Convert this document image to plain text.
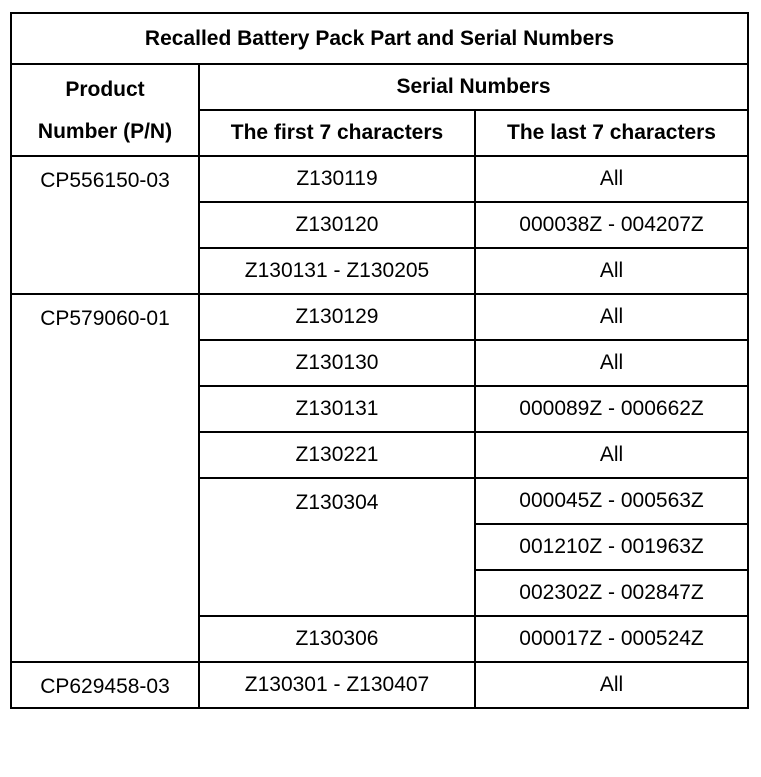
Recalled Battery Pack Part and Serial Numbers		
Product	Serial Numbers	
Number (P/N)	The first 7 characters	The last 7 characters
CP556150-03	Z130119	All
	Z130120	000038Z - 004207Z
	Z130131 - Z130205	All
CP579060-01	Z130129	All
	Z130130	All
	Z130131	000089Z - 000662Z
	Z130221	All
	Z130304	000045Z - 000563Z
		001210Z - 001963Z
		002302Z - 002847Z
	Z130306	000017Z - 000524Z
CP629458-03	Z130301 - Z130407	All
